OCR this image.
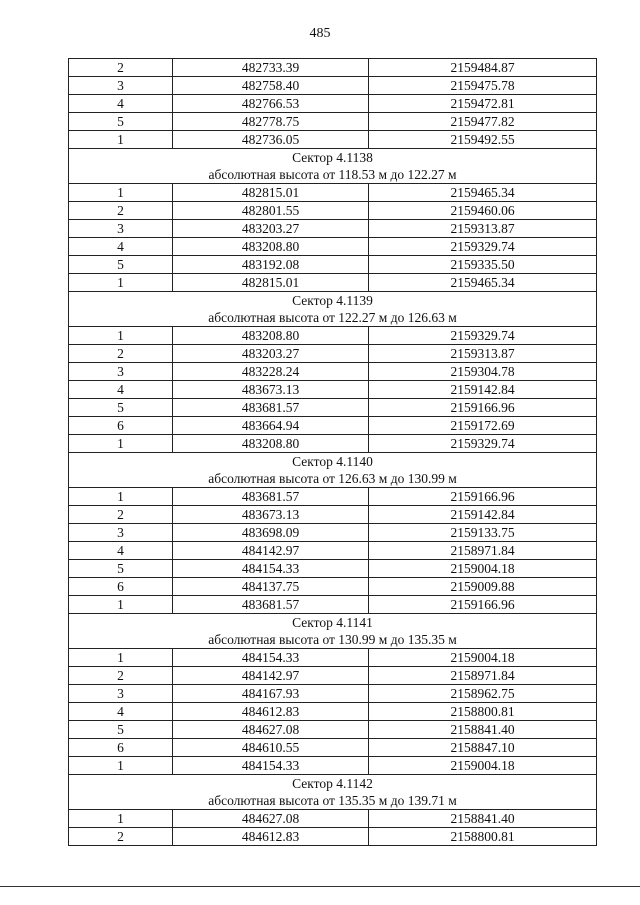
485
2	482733.39	2159484.87
3	482758.40	2159475.78
4	482766.53	2159472.81
5	482778.75	2159477.82
1	482736.05	2159492.55

Сектор 4.1138
абсолютная высота от 118.53 м до 122.27 м		

1	482815.01	2159465.34
2	482801.55	2159460.06
3	483203.27	2159313.87
4	483208.80	2159329.74
5	483192.08	2159335.50
1	482815.01	2159465.34

Сектор 4.1139
абсолютная высота от 122.27 м до 126.63 м		

1	483208.80	2159329.74
2	483203.27	2159313.87
3	483228.24	2159304.78
4	483673.13	2159142.84
5	483681.57	2159166.96
6	483664.94	2159172.69
1	483208.80	2159329.74

Сектор 4.1140
абсолютная высота от 126.63 м до 130.99 м		

1	483681.57	2159166.96
2	483673.13	2159142.84
3	483698.09	2159133.75
4	484142.97	2158971.84
5	484154.33	2159004.18
6	484137.75	2159009.88
1	483681.57	2159166.96

Сектор 4.1141
абсолютная высота от 130.99 м до 135.35 м		

1	484154.33	2159004.18
2	484142.97	2158971.84
3	484167.93	2158962.75
4	484612.83	2158800.81
5	484627.08	2158841.40
6	484610.55	2158847.10
1	484154.33	2159004.18

Сектор 4.1142
абсолютная высота от 135.35 м до 139.71 м		

1	484627.08	2158841.40
2	484612.83	2158800.81
